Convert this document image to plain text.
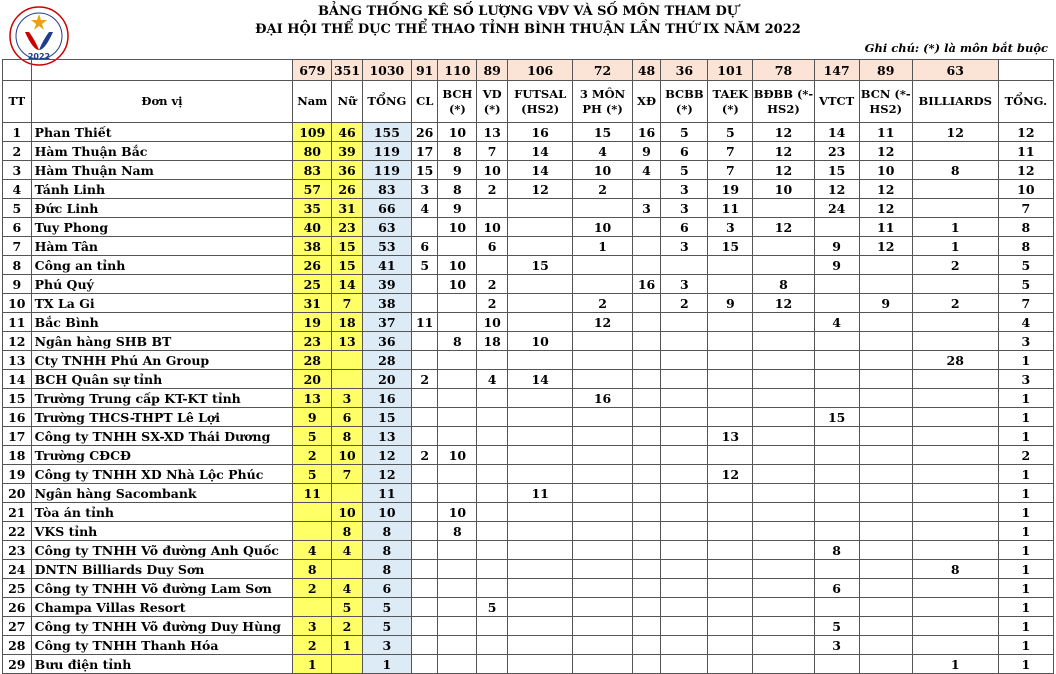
2022
BẢNG THỐNG KÊ SỐ LƯỢNG VĐV VÀ SỐ MÔN THAM DỰ
ĐẠI HỘI THỂ DỤC THỂ THAO TỈNH BÌNH THUẬN LẦN THỨ IX NĂM 2022
Ghi chú: (*) là môn bắt buộc
		679	351	1030	91	110	89	106	72	48	36	101	78	147	89	63	
TT	Đơn vị	Nam	Nữ	TỔNG	CL	BCH (*)	VD (*)	FUTSAL (HS2)	3 MÔN PH (*)	XĐ	BCBB (*)	TAEK (*)	BĐBB (*-HS2)	VTCT	BCN (*-HS2)	BILLIARDS	TỔNG.
1	Phan Thiết	109	46	155	26	10	13	16	15	16	5	5	12	14	11	12	12
2	Hàm Thuận Bắc	80	39	119	17	8	7	14	4	9	6	7	12	23	12		11
3	Hàm Thuận Nam	83	36	119	15	9	10	14	10	4	5	7	12	15	10	8	12
4	Tánh Linh	57	26	83	3	8	2	12	2		3	19	10	12	12		10
5	Đức Linh	35	31	66	4	9				3	3	11		24	12		7
6	Tuy Phong	40	23	63		10	10		10		6	3	12		11	1	8
7	Hàm Tân	38	15	53	6		6		1		3	15		9	12	1	8
8	Công an tỉnh	26	15	41	5	10		15						9		2	5
9	Phú Quý	25	14	39		10	2			16	3		8				5
10	TX La Gi	31	7	38			2		2		2	9	12		9	2	7
11	Bắc Bình	19	18	37	11		10		12					4			4
12	Ngân hàng SHB BT	23	13	36		8	18	10									3
13	Cty TNHH Phú An Group	28		28												28	1
14	BCH Quân sự tỉnh	20		20	2		4	14									3
15	Trường Trung cấp KT-KT tỉnh	13	3	16					16								1
16	Trường THCS-THPT Lê Lợi	9	6	15										15			1
17	Công ty TNHH SX-XD Thái Dương	5	8	13								13					1
18	Trường CĐCĐ	2	10	12	2	10											2
19	Công ty TNHH XD Nhà Lộc Phúc	5	7	12								12					1
20	Ngân hàng Sacombank	11		11				11									1
21	Tòa án tỉnh		10	10		10											1
22	VKS tỉnh		8	8		8											1
23	Công ty TNHH Võ đường Anh Quốc	4	4	8										8			1
24	DNTN Billiards Duy Sơn	8		8												8	1
25	Công ty TNHH Võ đường Lam Sơn	2	4	6										6			1
26	Champa Villas Resort		5	5			5										1
27	Công ty TNHH Võ đường Duy Hùng	3	2	5										5			1
28	Công ty TNHH Thanh Hóa	2	1	3										3			1
29	Bưu điện tỉnh	1		1												1	1
